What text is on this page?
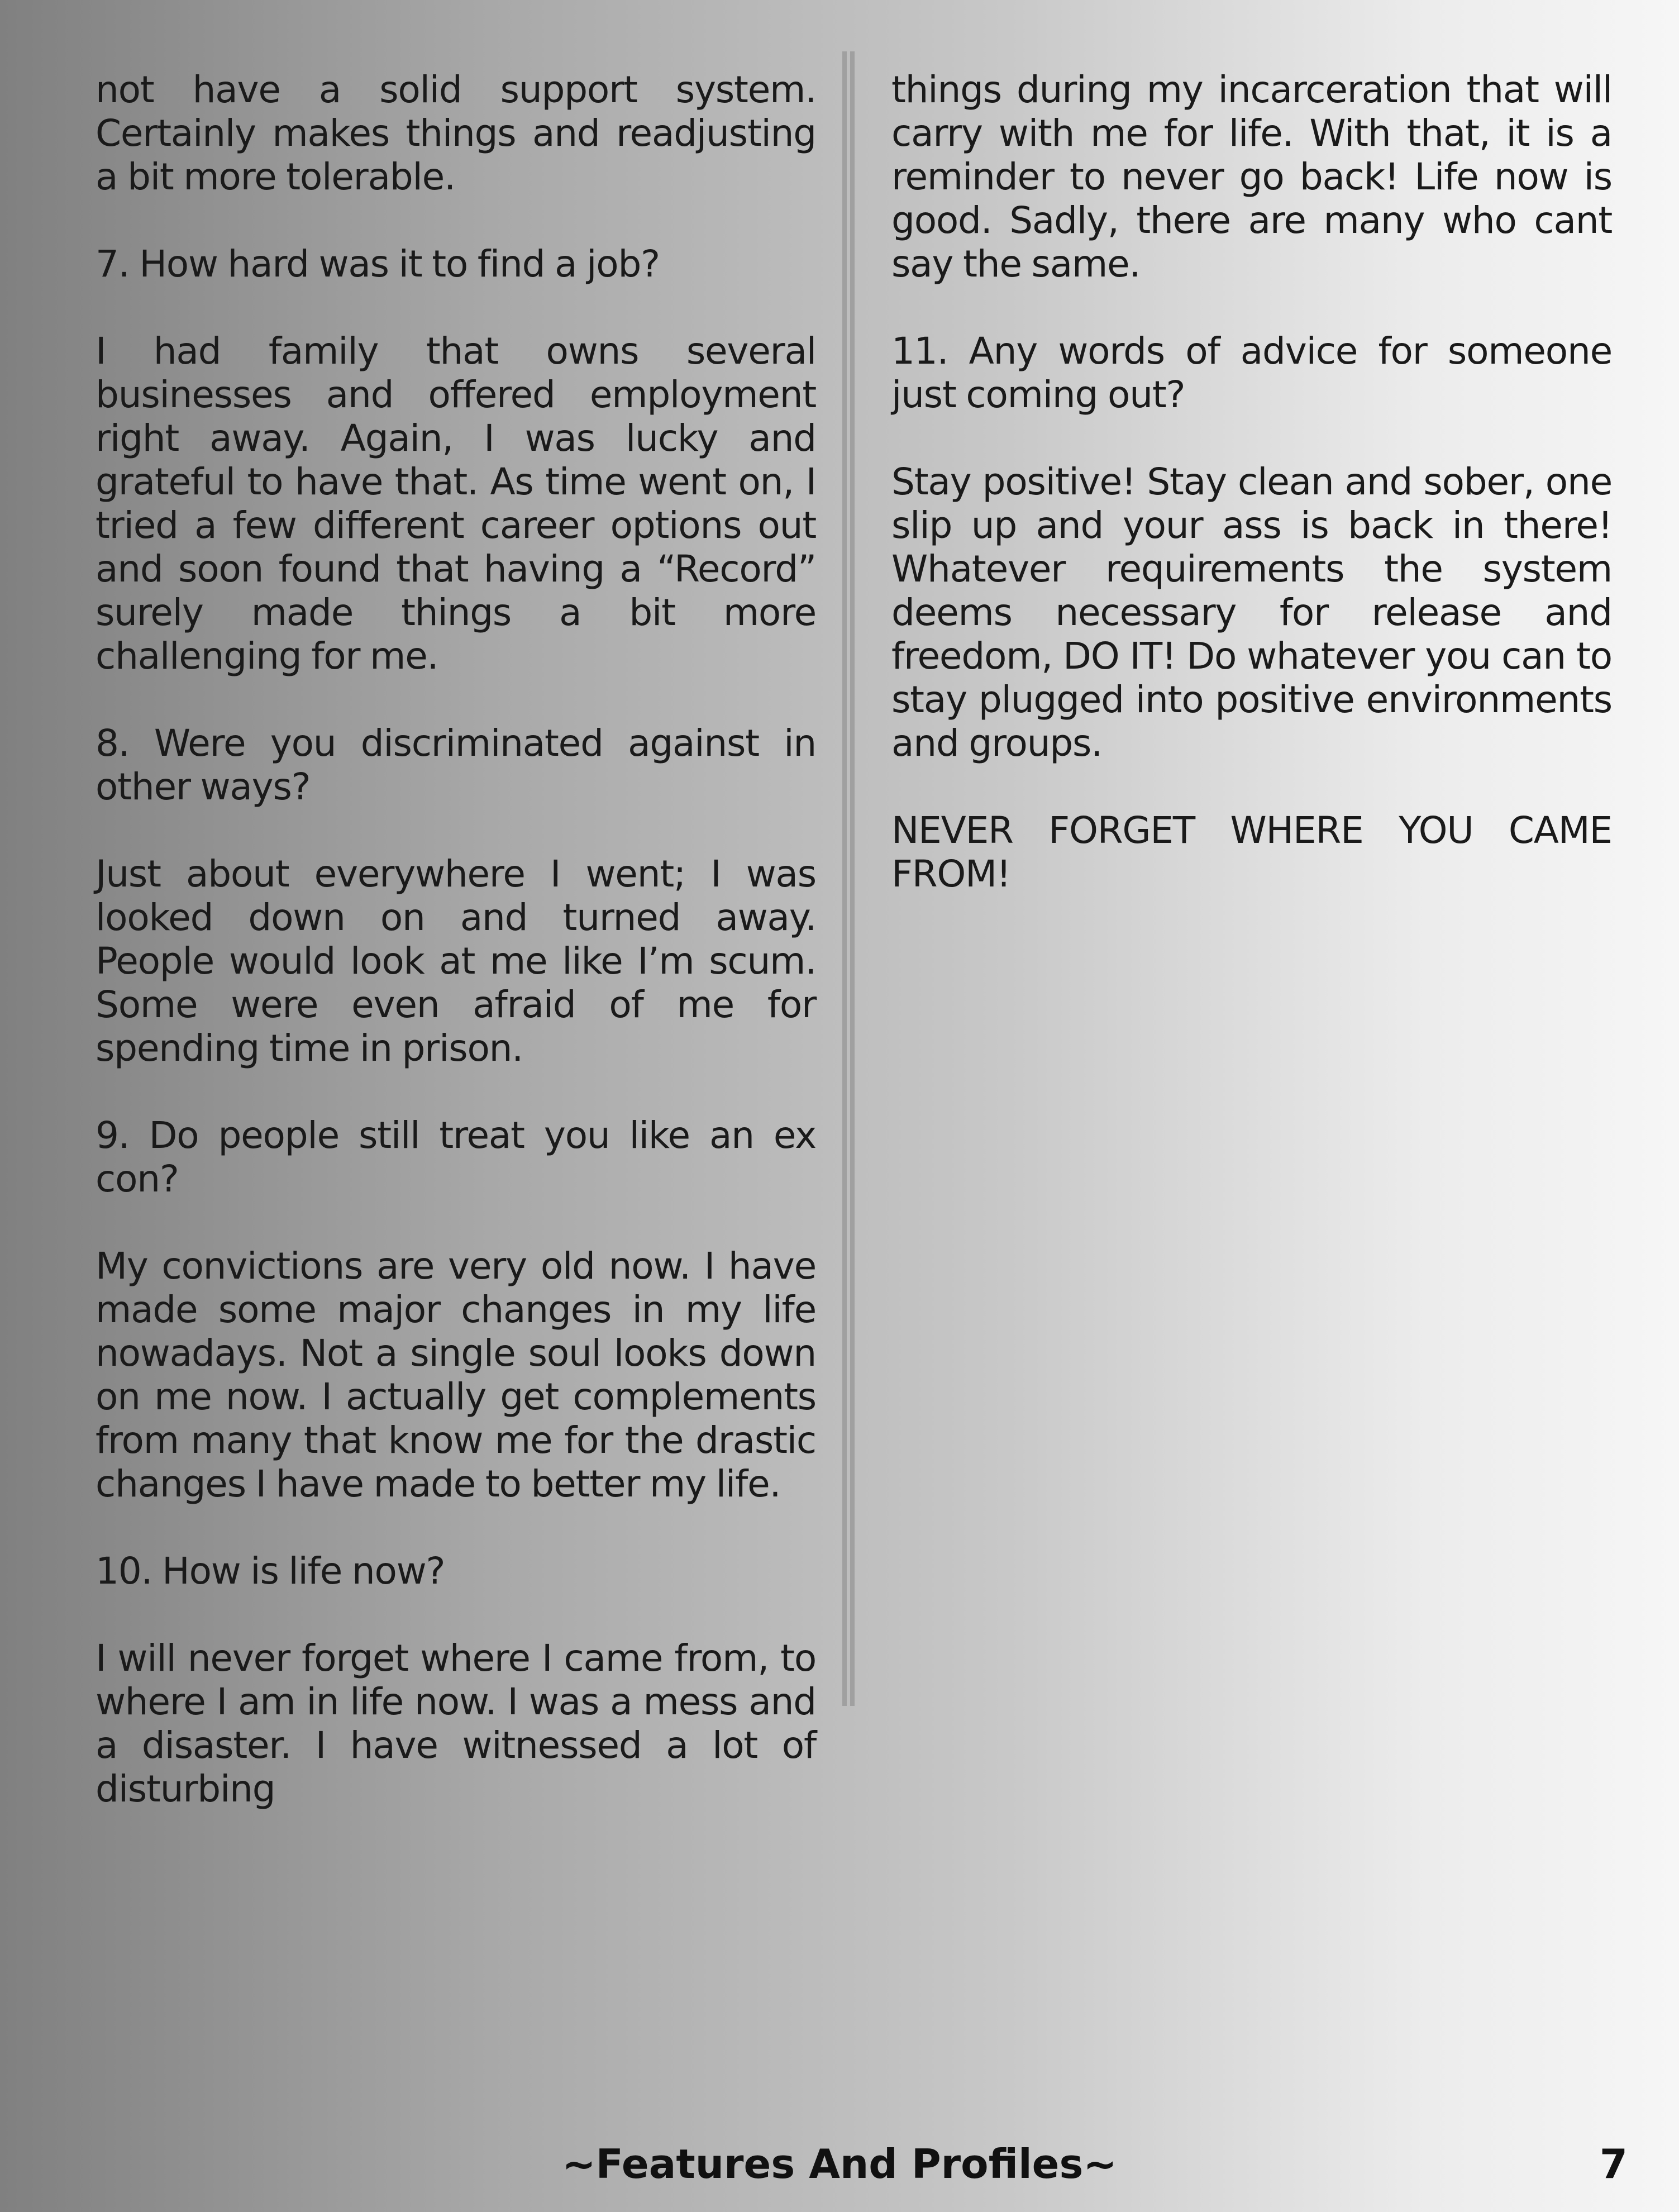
not have a solid support system. Certainly makes things and readjusting a bit more tolerable.

7. How hard was it to find a job?

I had family that owns several businesses and offered employment right away. Again, I was lucky and grateful to have that. As time went on, I tried a few different career options out and soon found that having a “Record” surely made things a bit more challenging for me.

8. Were you discriminated against in other ways?

Just about everywhere I went; I was looked down on and turned away. People would look at me like I’m scum. Some were even afraid of me for spending time in prison.

9. Do people still treat you like an ex con?

My convictions are very old now. I have made some major changes in my life nowadays. Not a single soul looks down on me now. I actually get complements from many that know me for the drastic changes I have made to better my life.

10. How is life now?

I will never forget where I came from, to where I am in life now. I was a mess and a disaster. I have witnessed a lot of disturbing

things during my incarceration that will carry with me for life. With that, it is a reminder to never go back! Life now is good. Sadly, there are many who cant say the same.

11. Any words of advice for someone just coming out?

Stay positive! Stay clean and sober, one slip up and your ass is back in there! Whatever requirements the system deems necessary for release and freedom, DO IT! Do whatever you can to stay plugged into positive environments and groups.

NEVER FORGET WHERE YOU CAME FROM!

~Features And Profiles~	7
